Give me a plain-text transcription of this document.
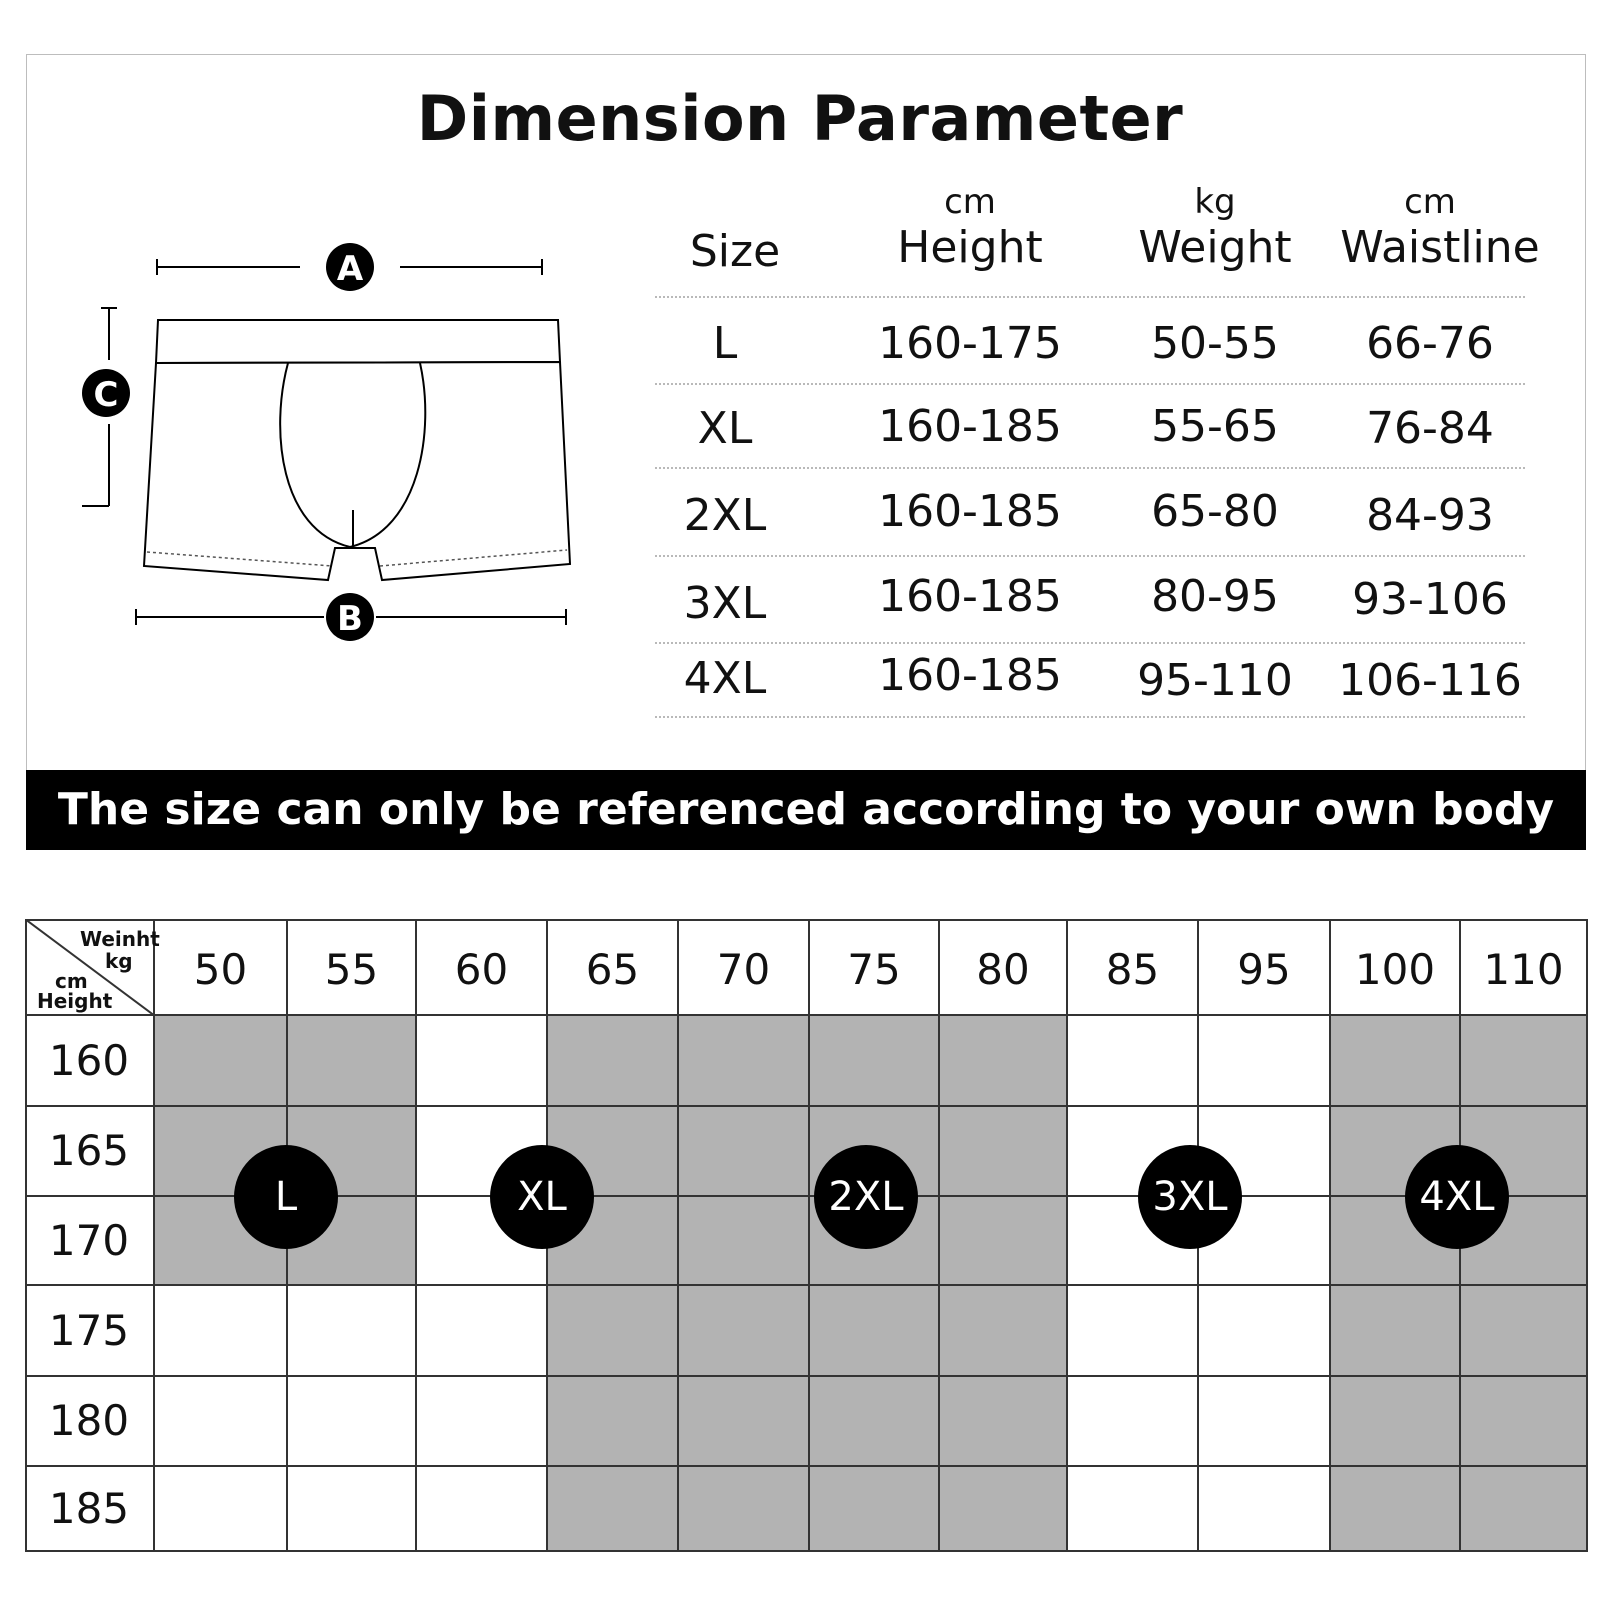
Dimension Parameter
A
C
B
cm	kg	cm
Size	Height	Weight	Waistline
L	160-175	50-55	66-76
XL	160-185	55-65	76-84
2XL	160-185	65-80	84-93
3XL	160-185	80-95	93-106
4XL	160-185	95-110	106-116
The size can only be referenced according to your own body size
Weinht
kg
cm
Height
50	55	60	65	70	75	80	85	95	100	110
160
165
170
175
180
185
L	XL	2XL	3XL	4XL
